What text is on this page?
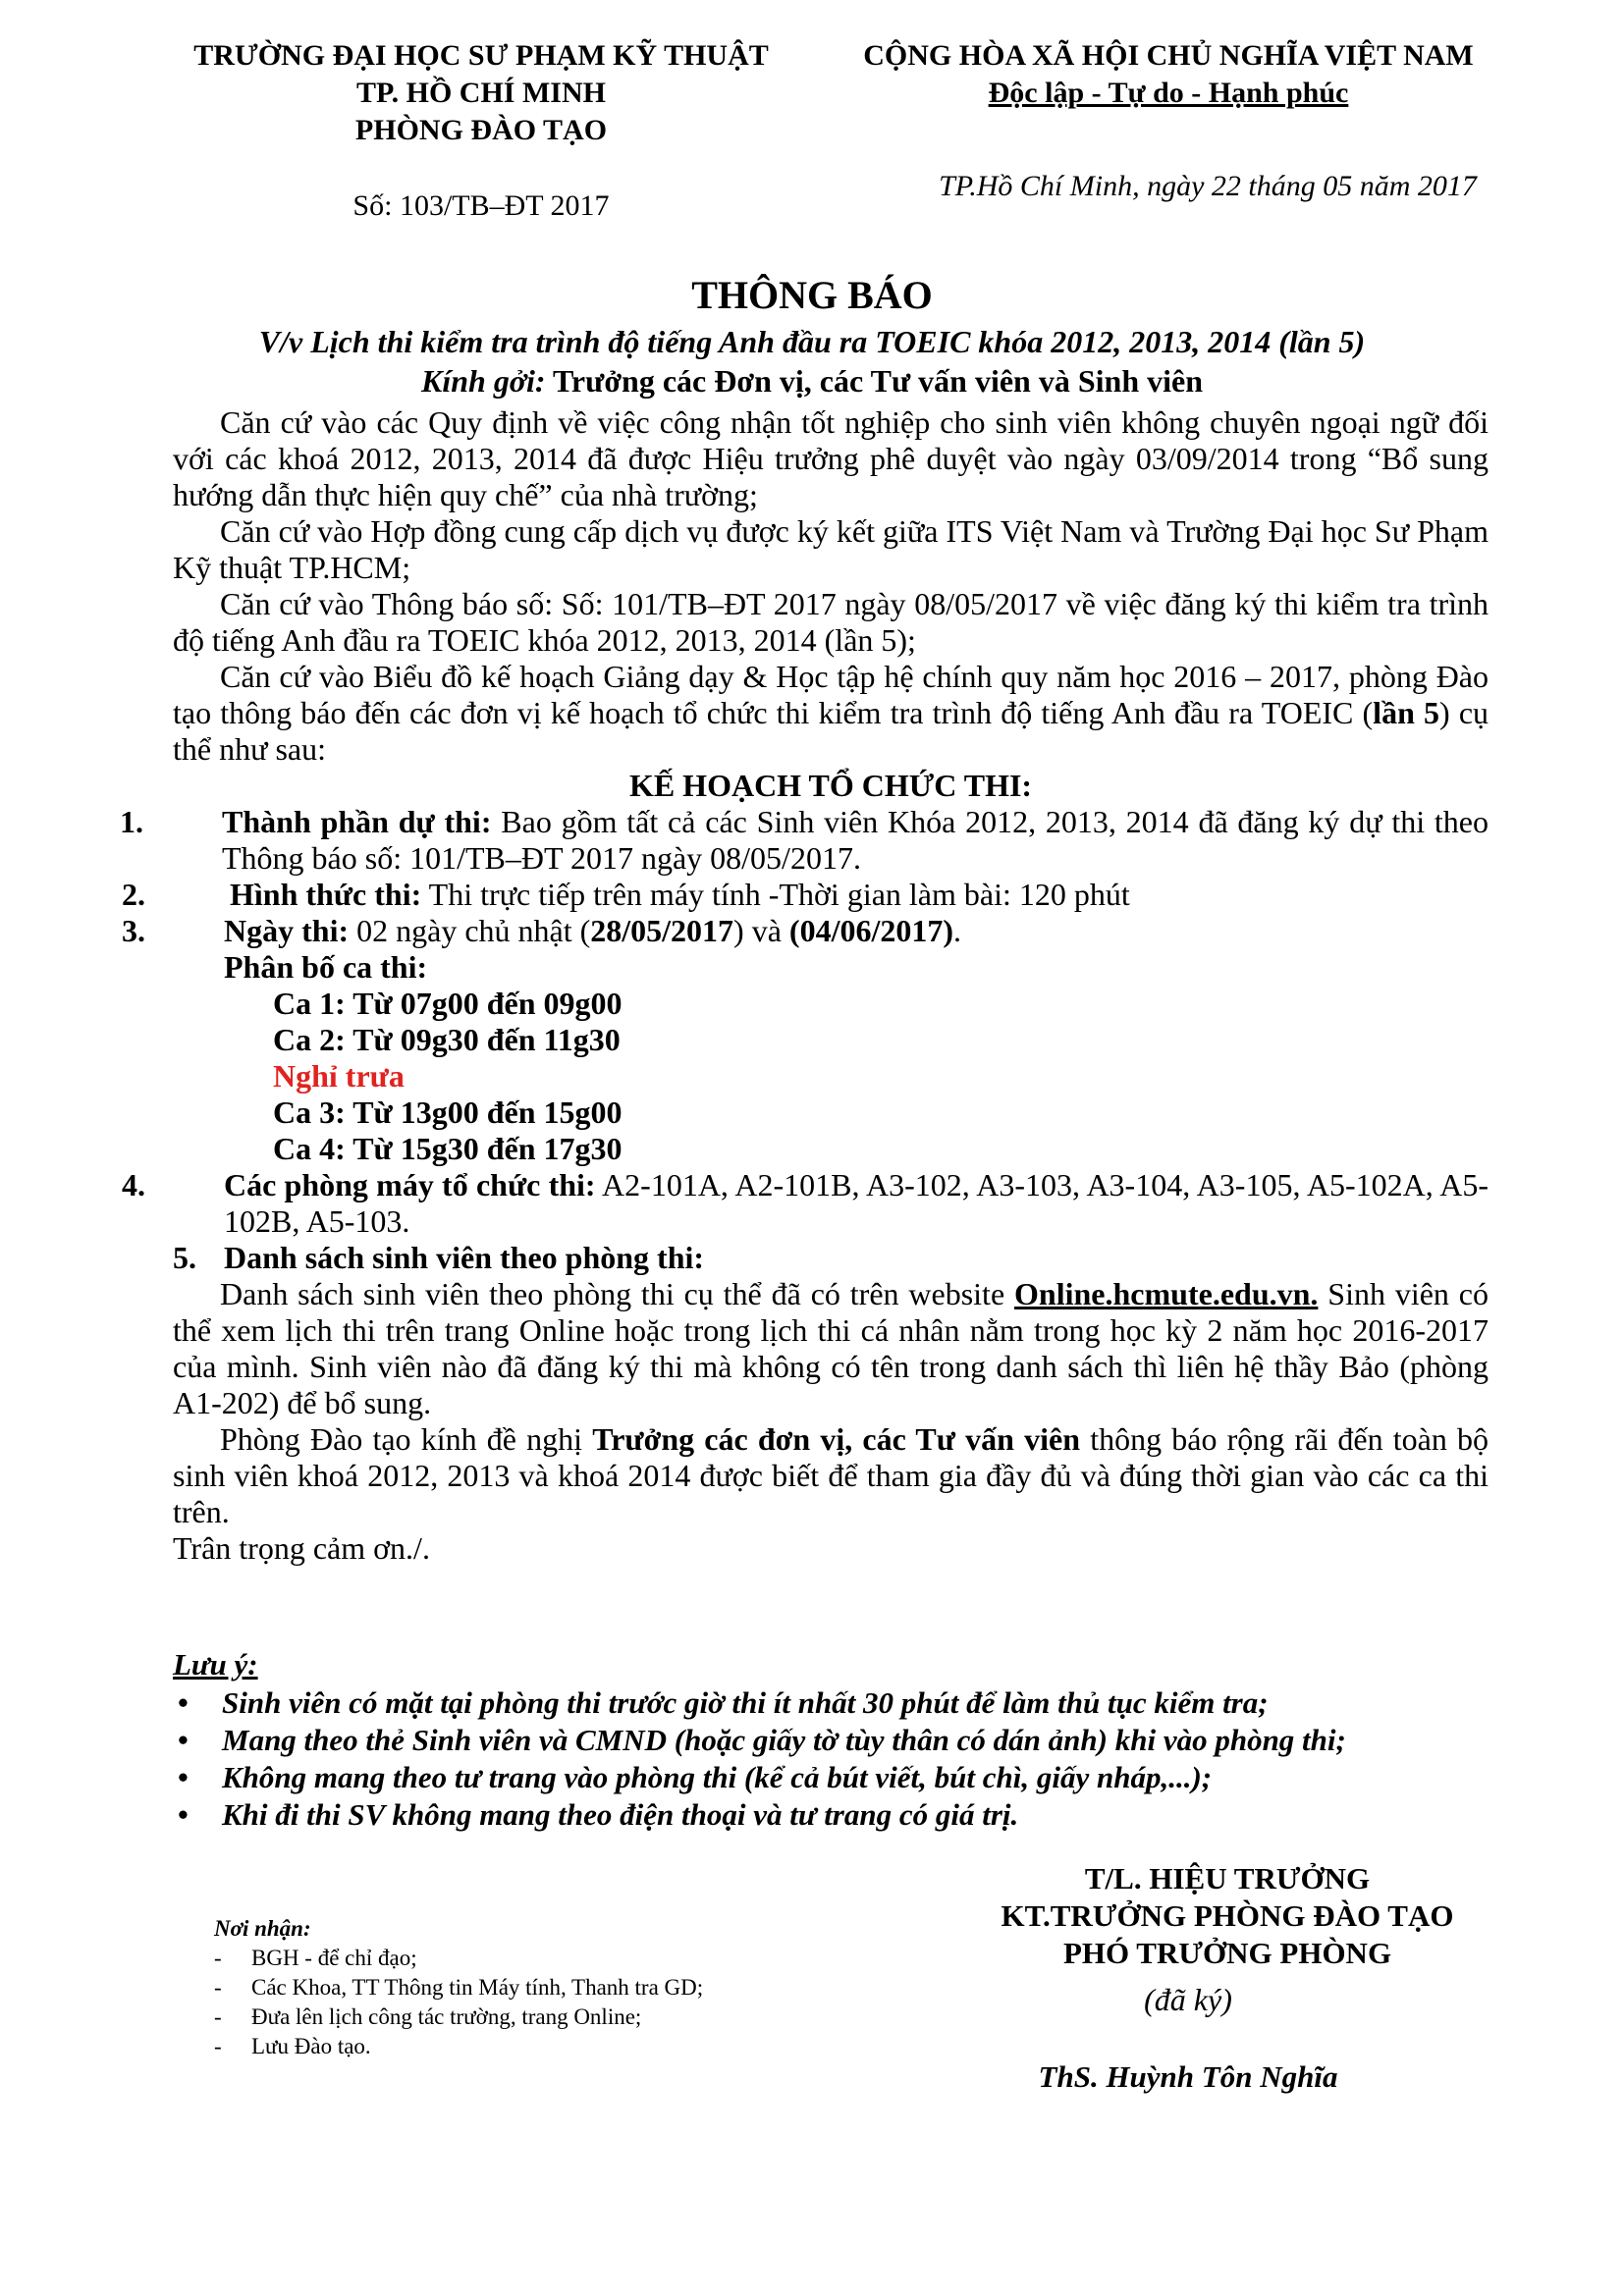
TRƯỜNG ĐẠI HỌC SƯ PHẠM KỸ THUẬT
TP. HỒ CHÍ MINH
PHÒNG ĐÀO TẠO
Số: 103/TB–ĐT 2017
CỘNG HÒA XÃ HỘI CHỦ NGHĨA VIỆT NAM
Độc lập - Tự do - Hạnh phúc
TP.Hồ Chí Minh, ngày 22 tháng 05 năm 2017
THÔNG BÁO
V/v Lịch thi kiểm tra trình độ tiếng Anh đầu ra TOEIC khóa 2012, 2013, 2014 (lần 5)
Kính gởi: Trưởng các Đơn vị, các Tư vấn viên và Sinh viên

Căn cứ vào các Quy định về việc công nhận tốt nghiệp cho sinh viên không chuyên ngoại ngữ đối với các khoá 2012, 2013, 2014 đã được Hiệu trưởng phê duyệt vào ngày 03/09/2014 trong “Bổ sung hướng dẫn thực hiện quy chế” của nhà trường;

Căn cứ vào Hợp đồng cung cấp dịch vụ được ký kết giữa ITS Việt Nam và Trường Đại học Sư Phạm Kỹ thuật TP.HCM;

Căn cứ vào Thông báo số: Số: 101/TB–ĐT 2017 ngày 08/05/2017 về việc đăng ký thi kiểm tra trình độ tiếng Anh đầu ra TOEIC khóa 2012, 2013, 2014 (lần 5);

Căn cứ vào Biểu đồ kế hoạch Giảng dạy & Học tập hệ chính quy năm học 2016 – 2017, phòng Đào tạo thông báo đến các đơn vị kế hoạch tổ chức thi kiểm tra trình độ tiếng Anh đầu ra TOEIC (lần 5) cụ thể như sau:

KẾ HOẠCH TỔ CHỨC THI:

1.	Thành phần dự thi: Bao gồm tất cả các Sinh viên Khóa 2012, 2013, 2014 đã đăng ký dự thi theo Thông báo số: 101/TB–ĐT 2017 ngày 08/05/2017.

2.	Hình thức thi: Thi trực tiếp trên máy tính -Thời gian làm bài: 120 phút

3.	Ngày thi: 02 ngày chủ nhật (28/05/2017) và (04/06/2017).

Phân bố ca thi:
Ca 1: Từ 07g00 đến 09g00
Ca 2: Từ 09g30 đến 11g30
Nghỉ trưa
Ca 3: Từ 13g00 đến 15g00
Ca 4: Từ 15g30 đến 17g30

4.	Các phòng máy tổ chức thi: A2-101A, A2-101B, A3-102, A3-103, A3-104, A3-105, A5-102A, A5-102B, A5-103.

5. Danh sách sinh viên theo phòng thi:

Danh sách sinh viên theo phòng thi cụ thể đã có trên website Online.hcmute.edu.vn. Sinh viên có thể xem lịch thi trên trang Online hoặc trong lịch thi cá nhân nằm trong học kỳ 2 năm học 2016-2017 của mình. Sinh viên nào đã đăng ký thi mà không có tên trong danh sách thì liên hệ thầy Bảo (phòng A1-202) để bổ sung.

Phòng Đào tạo kính đề nghị Trưởng các đơn vị, các Tư vấn viên thông báo rộng rãi đến toàn bộ sinh viên khoá 2012, 2013 và khoá 2014 được biết để tham gia đầy đủ và đúng thời gian vào các ca thi trên.

Trân trọng cảm ơn./.
Lưu ý:
• Sinh viên có mặt tại phòng thi trước giờ thi ít nhất 30 phút để làm thủ tục kiểm tra;
• Mang theo thẻ Sinh viên và CMND (hoặc giấy tờ tùy thân có dán ảnh) khi vào phòng thi;
• Không mang theo tư trang vào phòng thi (kể cả bút viết, bút chì, giấy nháp,...);
• Khi đi thi SV không mang theo điện thoại và tư trang có giá trị.
Nơi nhận:
- BGH - để chỉ đạo;
- Các Khoa, TT Thông tin Máy tính, Thanh tra GD;
- Đưa lên lịch công tác trường, trang Online;
- Lưu Đào tạo.
T/L. HIỆU TRƯỞNG
KT.TRƯỞNG PHÒNG ĐÀO TẠO
PHÓ TRƯỞNG PHÒNG
(đã ký)
ThS. Huỳnh Tôn Nghĩa
